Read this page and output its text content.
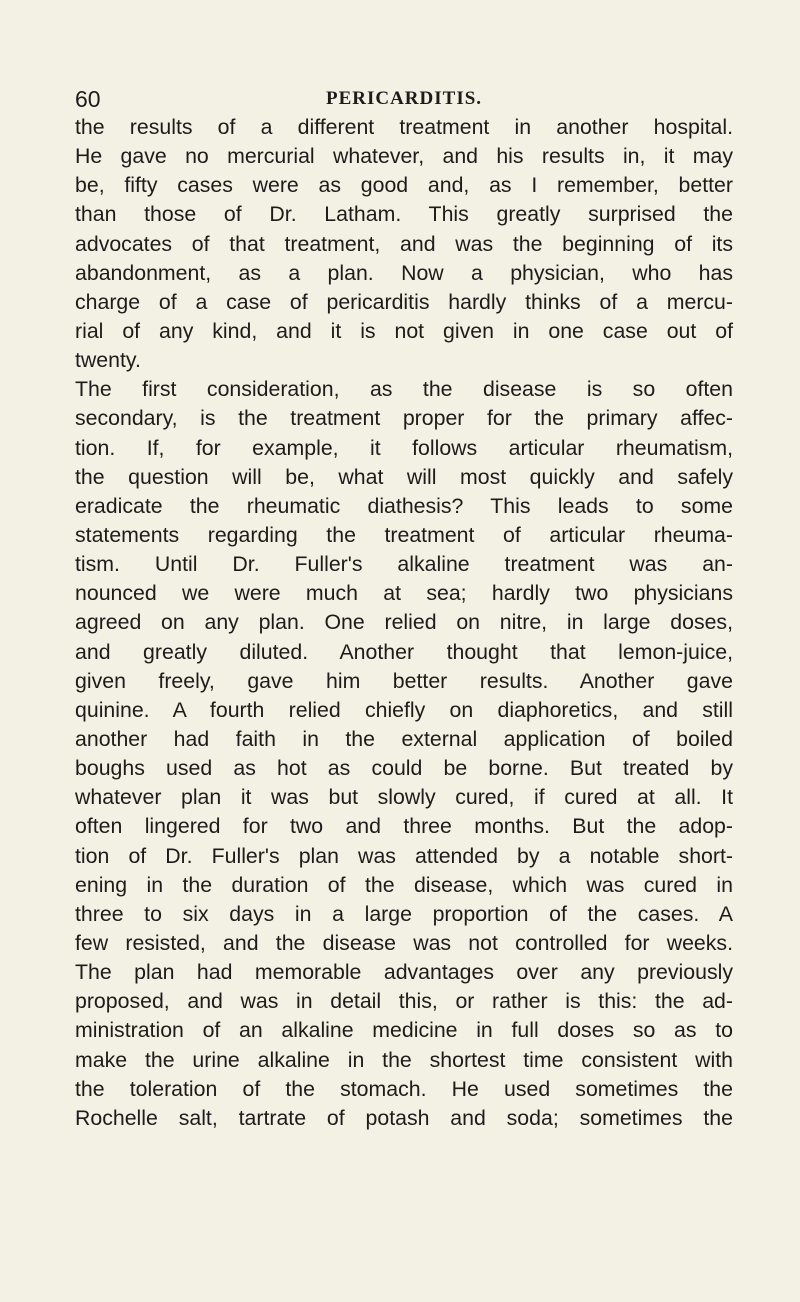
60	PERICARDITIS.
the results of a different treatment in another hospital.
He gave no mercurial whatever, and his results in, it may
be, fifty cases were as good and, as I remember, better
than those of Dr. Latham. This greatly surprised the
advocates of that treatment, and was the beginning of its
abandonment, as a plan. Now a physician, who has
charge of a case of pericarditis hardly thinks of a mercu-
rial of any kind, and it is not given in one case out of
twenty.
The first consideration, as the disease is so often
secondary, is the treatment proper for the primary affec-
tion. If, for example, it follows articular rheumatism,
the question will be, what will most quickly and safely
eradicate the rheumatic diathesis? This leads to some
statements regarding the treatment of articular rheuma-
tism. Until Dr. Fuller's alkaline treatment was an-
nounced we were much at sea; hardly two physicians
agreed on any plan. One relied on nitre, in large doses,
and greatly diluted. Another thought that lemon-juice,
given freely, gave him better results. Another gave
quinine. A fourth relied chiefly on diaphoretics, and still
another had faith in the external application of boiled
boughs used as hot as could be borne. But treated by
whatever plan it was but slowly cured, if cured at all. It
often lingered for two and three months. But the adop-
tion of Dr. Fuller's plan was attended by a notable short-
ening in the duration of the disease, which was cured in
three to six days in a large proportion of the cases. A
few resisted, and the disease was not controlled for weeks.
The plan had memorable advantages over any previously
proposed, and was in detail this, or rather is this: the ad-
ministration of an alkaline medicine in full doses so as to
make the urine alkaline in the shortest time consistent with
the toleration of the stomach. He used sometimes the
Rochelle salt, tartrate of potash and soda; sometimes the
